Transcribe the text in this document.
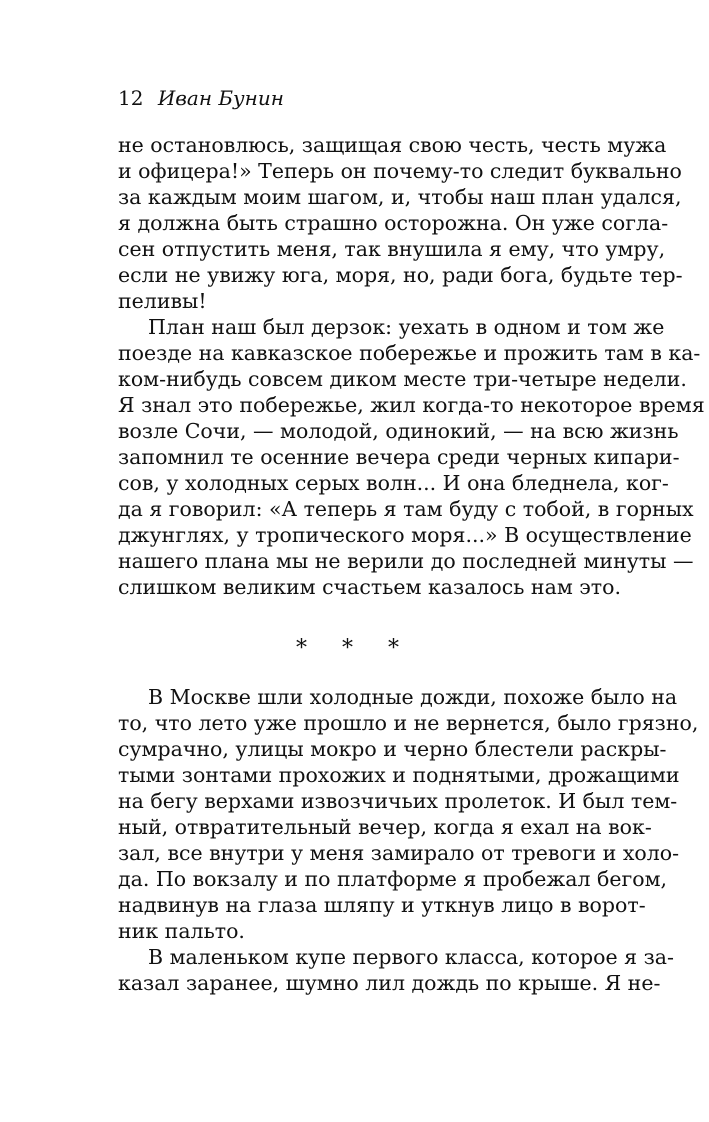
12 Иван Бунин
не остановлюсь, защищая свою честь, честь мужа
и офицера!» Теперь он почему-то следит буквально
за каждым моим шагом, и, чтобы наш план удался,
я должна быть страшно осторожна. Он уже согла-
сен отпустить меня, так внушила я ему, что умру,
если не увижу юга, моря, но, ради бога, будьте тер-
пеливы!
План наш был дерзок: уехать в одном и том же
поезде на кавказское побережье и прожить там в ка-
ком-нибудь совсем диком месте три-четыре недели.
Я знал это побережье, жил когда-то некоторое время
возле Сочи, — молодой, одинокий, — на всю жизнь
запомнил те осенние вечера среди черных кипари-
сов, у холодных серых волн... И она бледнела, ког-
да я говорил: «А теперь я там буду с тобой, в горных
джунглях, у тропического моря...» В осуществление
нашего плана мы не верили до последней минуты —
слишком великим счастьем казалось нам это.
* * *
В Москве шли холодные дожди, похоже было на
то, что лето уже прошло и не вернется, было грязно,
сумрачно, улицы мокро и черно блестели раскры-
тыми зонтами прохожих и поднятыми, дрожащими
на бегу верхами извозчичьих пролеток. И был тем-
ный, отвратительный вечер, когда я ехал на вок-
зал, все внутри у меня замирало от тревоги и холо-
да. По вокзалу и по платформе я пробежал бегом,
надвинув на глаза шляпу и уткнув лицо в ворот-
ник пальто.
В маленьком купе первого класса, которое я за-
казал заранее, шумно лил дождь по крыше. Я не-
